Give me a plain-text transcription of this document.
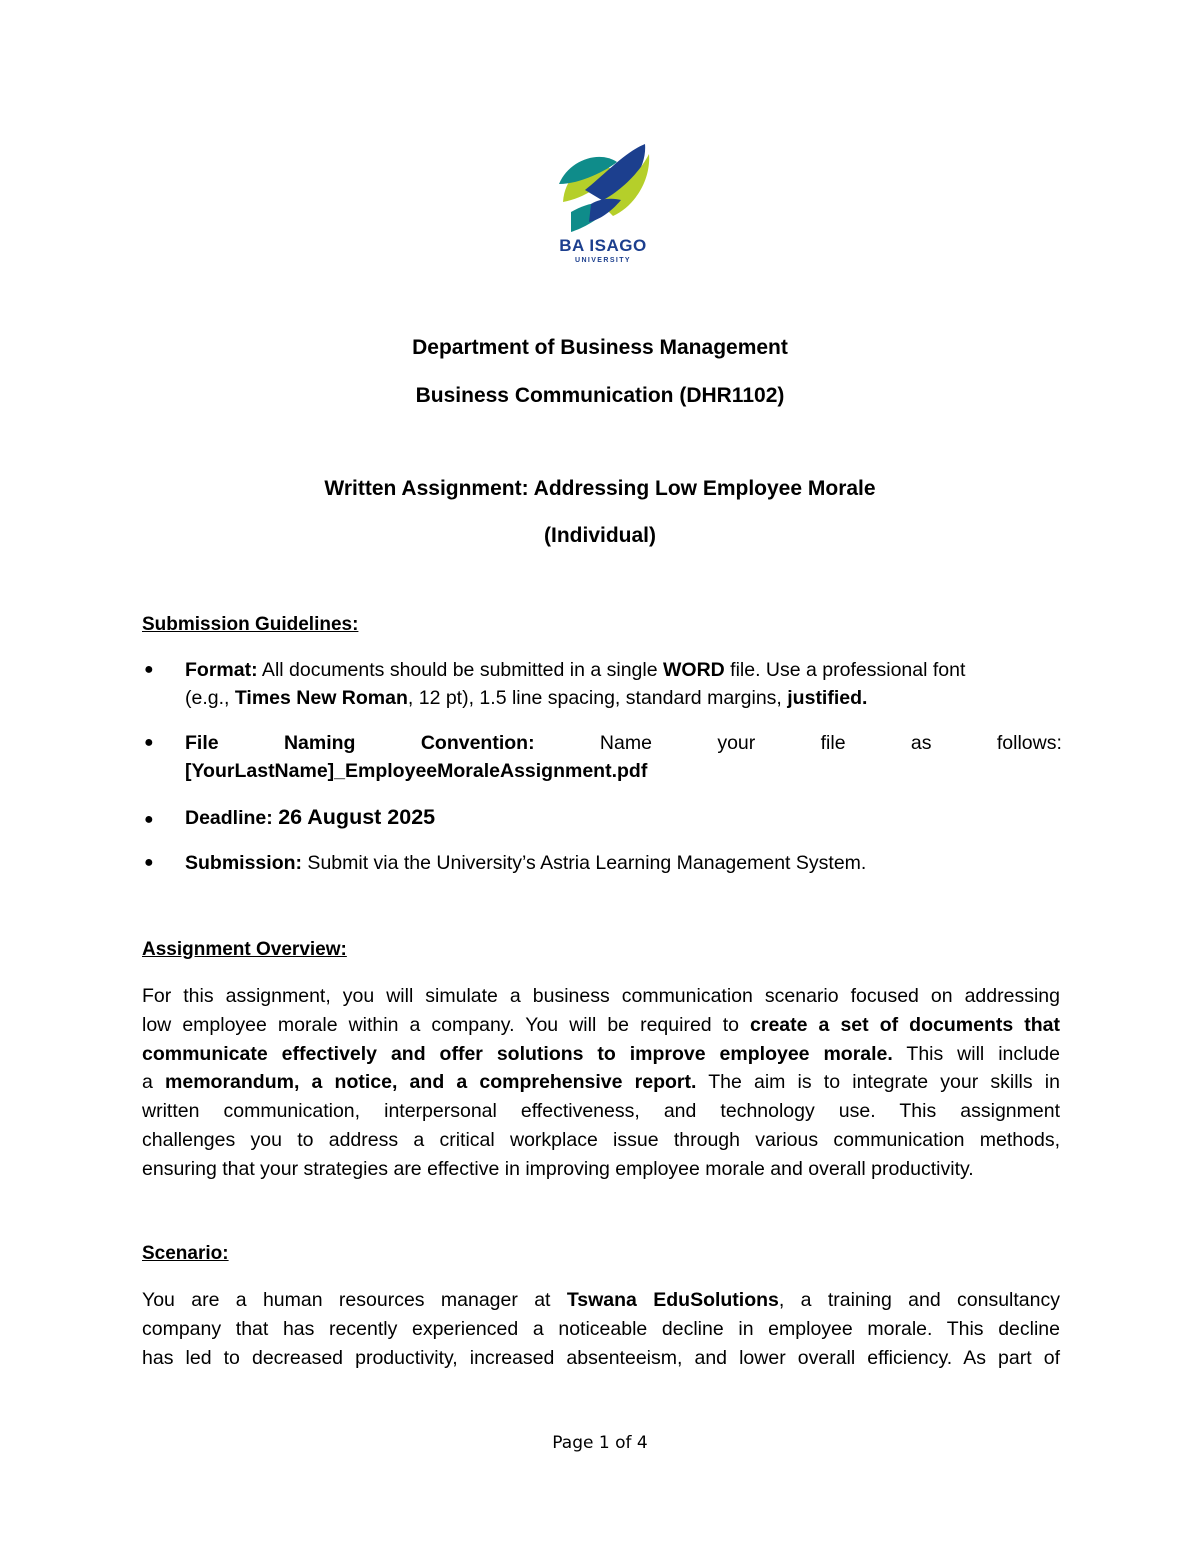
BA ISAGO
UNIVERSITY
Department of Business Management
Business Communication (DHR1102)
Written Assignment: Addressing Low Employee Morale
(Individual)
Submission Guidelines:
● Format: All documents should be submitted in a single WORD file. Use a professional font
(e.g., Times New Roman, 12 pt), 1.5 line spacing, standard margins, justified.
● File	Naming	Convention:	Name	your	file	as	follows:
[YourLastName]_EmployeeMoraleAssignment.pdf
● Deadline: 26 August 2025
● Submission: Submit via the University’s Astria Learning Management System.
Assignment Overview:
For this assignment, you will simulate a business communication scenario focused on addressing
low employee morale within a company. You will be required to create a set of documents that
communicate effectively and offer solutions to improve employee morale. This will include
a memorandum, a notice, and a comprehensive report. The aim is to integrate your skills in
written communication, interpersonal effectiveness, and technology use. This assignment
challenges you to address a critical workplace issue through various communication methods,
ensuring that your strategies are effective in improving employee morale and overall productivity.
Scenario:
You are a human resources manager at Tswana EduSolutions, a training and consultancy
company that has recently experienced a noticeable decline in employee morale. This decline
has led to decreased productivity, increased absenteeism, and lower overall efficiency. As part of
Page 1 of 4
